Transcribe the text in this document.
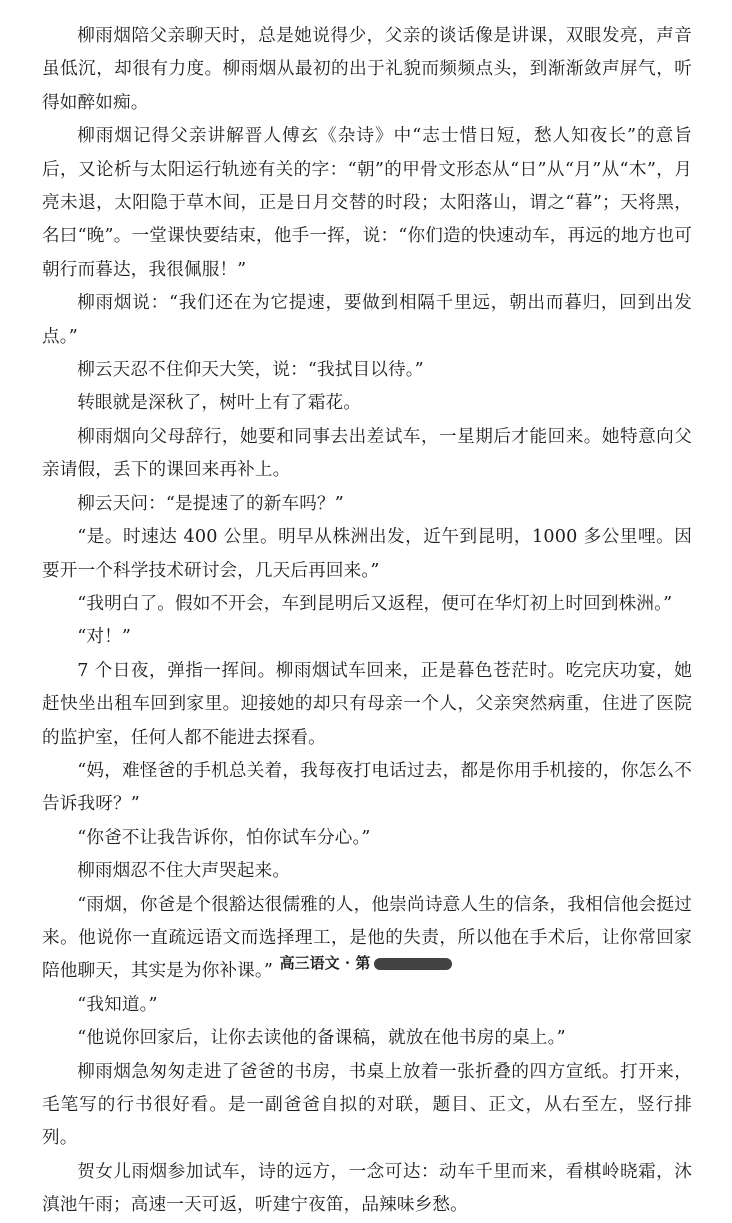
柳雨烟陪父亲聊天时，总是她说得少，父亲的谈话像是讲课，双眼发亮，声音虽低沉，却很有力度。柳雨烟从最初的出于礼貌而频频点头，到渐渐敛声屏气，听得如醉如痴。

柳雨烟记得父亲讲解晋人傅玄《杂诗》中“志士惜日短，愁人知夜长”的意旨后，又论析与太阳运行轨迹有关的字：“朝”的甲骨文形态从“日”从“月”从“木”，月亮未退，太阳隐于草木间，正是日月交替的时段；太阳落山，谓之“暮”；天将黑，名曰“晚”。一堂课快要结束，他手一挥，说：“你们造的快速动车，再远的地方也可朝行而暮达，我很佩服！”

柳雨烟说：“我们还在为它提速，要做到相隔千里远，朝出而暮归，回到出发点。”

柳云天忍不住仰天大笑，说：“我拭目以待。”

转眼就是深秋了，树叶上有了霜花。

柳雨烟向父母辞行，她要和同事去出差试车，一星期后才能回来。她特意向父亲请假，丢下的课回来再补上。

柳云天问：“是提速了的新车吗？”

“是。时速达 400 公里。明早从株洲出发，近午到昆明，1000 多公里哩。因要开一个科学技术研讨会，几天后再回来。”

“我明白了。假如不开会，车到昆明后又返程，便可在华灯初上时回到株洲。”

“对！”

7 个日夜，弹指一挥间。柳雨烟试车回来，正是暮色苍茫时。吃完庆功宴，她赶快坐出租车回到家里。迎接她的却只有母亲一个人，父亲突然病重，住进了医院的监护室，任何人都不能进去探看。

“妈，难怪爸的手机总关着，我每夜打电话过去，都是你用手机接的，你怎么不告诉我呀？”

“你爸不让我告诉你，怕你试车分心。”

柳雨烟忍不住大声哭起来。

“雨烟，你爸是个很豁达很儒雅的人，他崇尚诗意人生的信条，我相信他会挺过来。他说你一直疏远语文而选择理工，是他的失责，所以他在手术后，让你常回家陪他聊天，其实是为你补课。”

“我知道。”

“他说你回家后，让你去读他的备课稿，就放在他书房的桌上。”

柳雨烟急匆匆走进了爸爸的书房，书桌上放着一张折叠的四方宣纸。打开来，毛笔写的行书很好看。是一副爸爸自拟的对联，题目、正文，从右至左，竖行排列。

贺女儿雨烟参加试车，诗的远方，一念可达：动车千里而来，看棋岭晓霜，沐滇池午雨；高速一天可返，听建宁夜笛，品辣味乡愁。

高三语文 · 第
